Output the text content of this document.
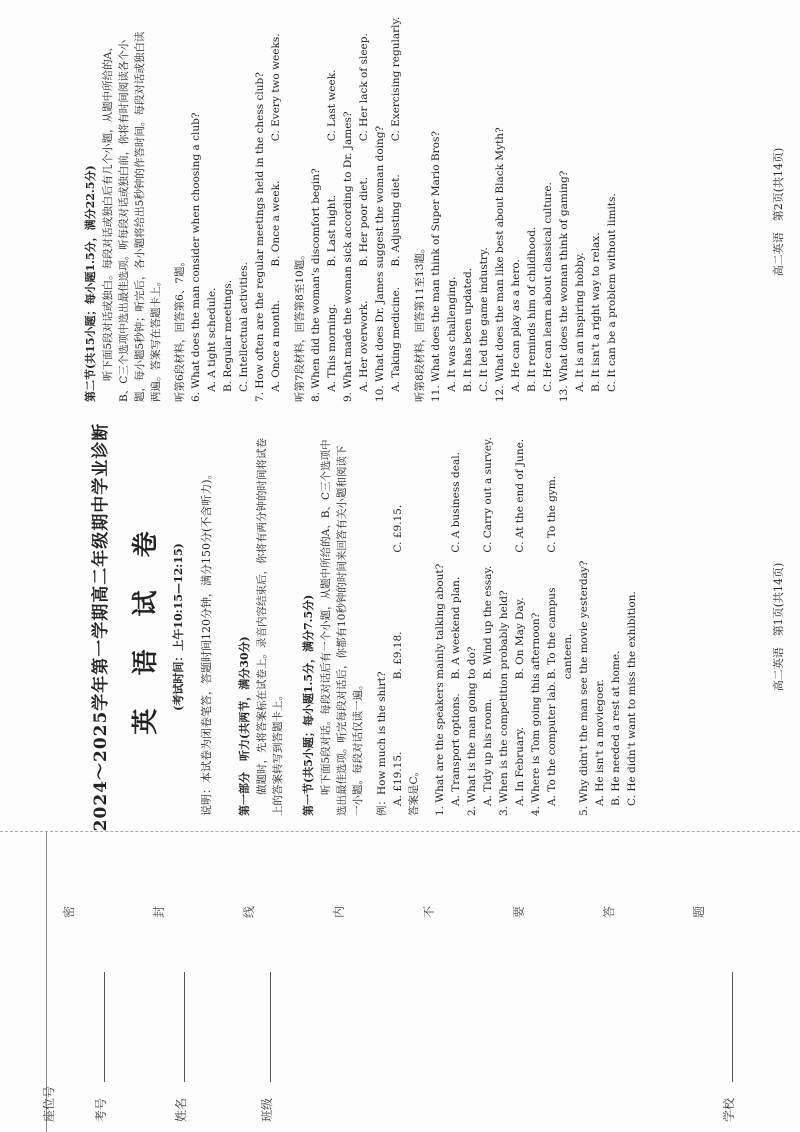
座位号	考号	姓名	班级	学校
密	封	线	内	不	要	答	题
2024～2025学年第一学期高二年级期中学业诊断 英 语 试 卷 (考试时间：上午10:15—12:15) 说明：本试卷为闭卷笔答，答题时间120分钟，满分150分(不含听力)。 第一部分　听力(共两节，满分30分) 做题时，先将答案标在试卷上。录音内容结束后，你将有两分钟的时间将试卷上的答案转写到答题卡上。 第一节(共5小题；每小题1.5分，满分7.5分) 听下面5段对话。每段对话后有一个小题，从题中所给的A、B、C三个选项中选出最佳选项。听完每段对话后，你都有10秒钟的时间来回答有关小题和阅读下一小题。每段对话仅读一遍。 例：How much is the shirt? A. £19.15.
B. £9.18.
C. £9.15.
答案是C。 1. What are the speakers mainly talking about? A. Transport options.
B. A weekend plan.
C. A business deal.
2. What is the man going to do? A. Tidy up his room.
B. Wind up the essay.
C. Carry out a survey.
3. When is the competition probably held? A. In February.
B. On May Day.
C. At the end of June.
4. Where is Tom going this afternoon? A. To the computer lab.
B. To the campus canteen.
C. To the gym.
5. Why didn't the man see the movie yesterday? A. He isn't a moviegoer. B. He needed a rest at home. C. He didn't want to miss the exhibition.	高二英语　第1页(共14页)
第二节(共15小题；每小题1.5分，满分22.5分) 听下面5段对话或独白。每段对话或独白后有几个小题，从题中所给的A、B、C三个选项中选出最佳选项。听每段对话或独白前，你将有时间阅读各个小题，每小题5秒钟；听完后，各小题将给出5秒钟的作答时间。每段对话或独白读两遍。答案写在答题卡上。 听第6段材料，回答第6、7题。 6. What does the man consider when choosing a club? A. A tight schedule. B. Regular meetings. C. Intellectual activities. 7. How often are the regular meetings held in the chess club? A. Once a month.
B. Once a week.
C. Every two weeks.
听第7段材料，回答第8至10题。 8. When did the woman's discomfort begin? A. This morning.
B. Last night.
C. Last week.
9. What made the woman sick according to Dr. James? A. Her overwork.
B. Her poor diet.
C. Her lack of sleep.
10. What does Dr. James suggest the woman doing? A. Taking medicine.
B. Adjusting diet.
C. Exercising regularly.
听第8段材料，回答第11至13题。 11. What does the man think of Super Mario Bros? A. It was challenging. B. It has been updated. C. It led the game industry. 12. What does the man like best about Black Myth? A. He can play as a hero. B. It reminds him of childhood. C. He can learn about classical culture. 13. What does the woman think of gaming? A. It is an inspiring hobby. B. It isn't a right way to relax. C. It can be a problem without limits.	高二英语　第2页(共14页)
